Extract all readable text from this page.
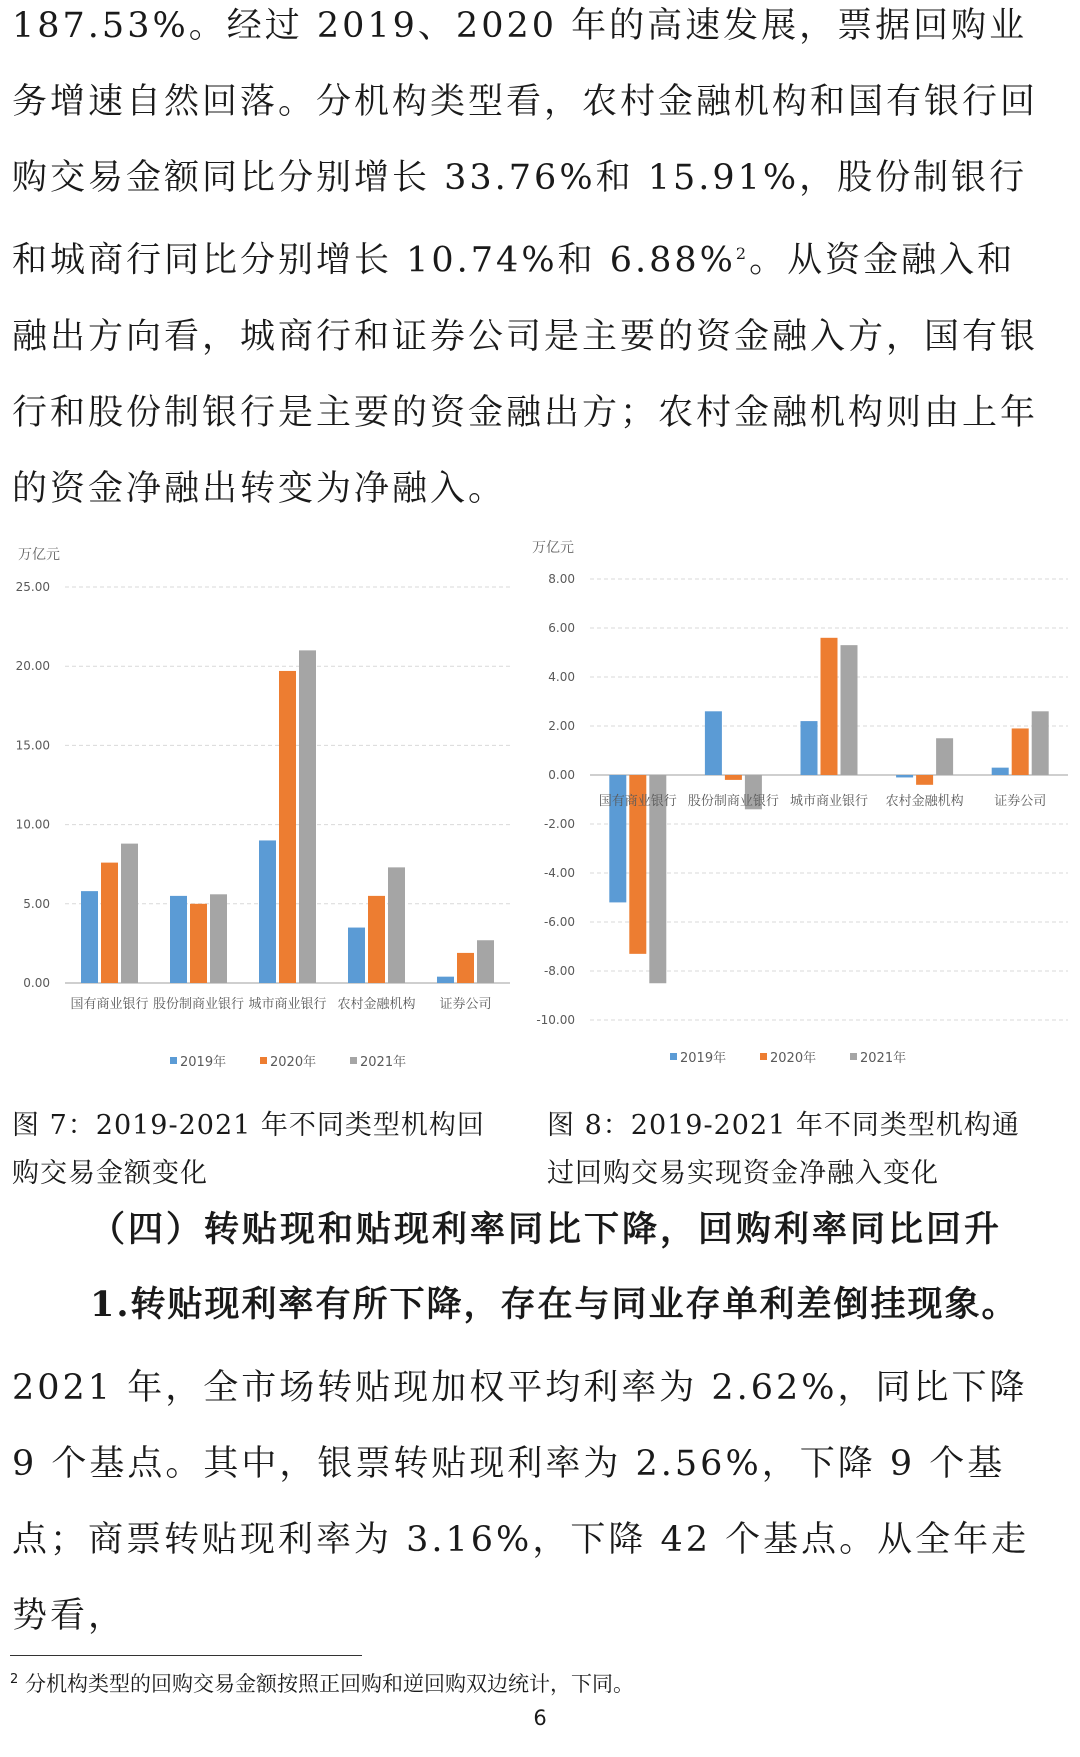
187.53%。经过 2019、2020 年的高速发展，票据回购业务增速自然回落。分机构类型看，农村金融机构和国有银行回购交易金额同比分别增长 33.76%和 15.91%，股份制银行和城商行同比分别增长 10.74%和 6.88%$^2$。从资金融入和融出方向看，城商行和证券公司是主要的资金融入方，国有银行和股份制银行是主要的资金融出方；农村金融机构则由上年的资金净融出转变为净融入。

万亿元
0.00
5.00
10.00
15.00
20.00
25.00
国有商业银行 股份制商业银行 城市商业银行 农村金融机构 证券公司
2019年	2020年	2021年
万亿元
-10.00
-8.00
-6.00
-4.00
-2.00
0.00
2.00
4.00
6.00
8.00
国有商业银行 股份制商业银行 城市商业银行 农村金融机构 证券公司
2019年	2020年	2021年
图 7：2019-2021 年不同类型机构回购交易金额变化
图 8：2019-2021 年不同类型机构通过回购交易实现资金净融入变化
（四）转贴现和贴现利率同比下降，回购利率同比回升
1.转贴现利率有所下降，存在与同业存单利差倒挂现象。

2021 年，全市场转贴现加权平均利率为 2.62%，同比下降 9 个基点。其中，银票转贴现利率为 2.56%，下降 9 个基点；商票转贴现利率为 3.16%，下降 42 个基点。从全年走势看，

$^2$ 分机构类型的回购交易金额按照正回购和逆回购双边统计，下同。
6
